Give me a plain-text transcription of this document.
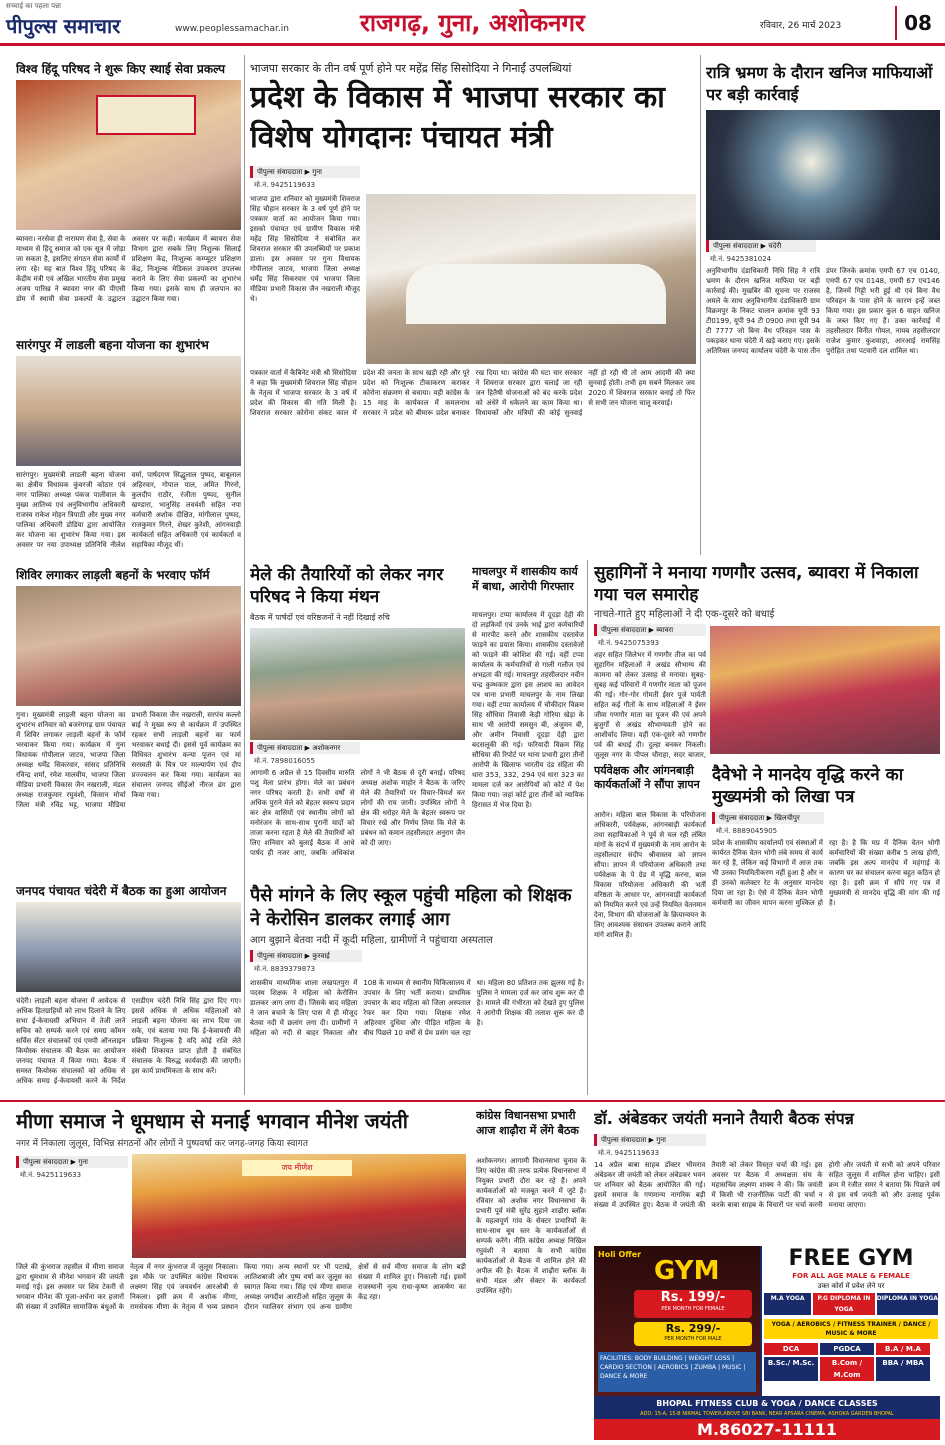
सच्चाई का पहला पन्ना
पीपुल्स समाचार	www.peoplessamachar.in	राजगढ़, गुना, अशोकनगर	रविवार, 26 मार्च 2023	08
विश्व हिंदू परिषद ने शुरू किए स्थाई सेवा प्रकल्प
ब्यावरा। नरसेवा ही नारायण सेवा है, सेवा के माध्यम से हिंदू समाज को एक सूत्र में जोड़ा जा सकता है, इसलिए संगठन सेवा कार्यों में लगा रहे। यह बात विश्व हिंदू परिषद के केंद्रीय मंत्री एवं अखिल भारतीय सेवा प्रमुख अजय पारिख ने ब्यावरा नगर की पीएसी डोम में स्थायी सेवा प्रकल्पों के उद्घाटन अवसर पर कही। कार्यक्रम में ब्यावरा सेवा विभाग द्वारा सबके लिए निशुल्क सिलाई प्रशिक्षण केंद्र, निःशुल्क कम्प्यूटर प्रशिक्षण केंद्र, निःशुल्क मेडिकल उपकरण उपलब्ध कराने के लिए सेवा प्रकल्पों का शुभारंभ किया गया। इसके साथ ही जलपान का उद्घाटन किया गया।
सारंगपुर में लाडली बहना योजना का शुभारंभ
सारंगपुर। मुख्यमंत्री लाडली बहना योजना का क्षेत्रीय विधायक कुंवरजी कोठार एवं नगर पालिका अध्यक्ष पंकज पालीवाल के मुख्य आतिथ्य एवं अनुविभागीय अधिकारी राजस्व राकेश मोहन त्रिपाठी और मुख्य नगर पालिका अधिकारी डोडिया द्वारा आयोजित कर योजना का शुभारंभ किया गया। इस अवसर पर नया उपाध्यक्ष प्रतिनिधि नीलेश वर्मा, पार्षदगण सिद्धुलाल पुष्पद, बाबूलाल अहिरवार, गोपाल पाल, अमित गिरनो, कुलदीप राठौर, रंजीता पुष्पद, सुनील खण्डारा, भानुसिंह लववंशी सहित नपा कर्मचारी अशोक दीक्षित, मांगीलाल पुष्पद, राजकुमार गिरने, शेखर कुरेशी, आंगनवाड़ी कार्यकर्ता सहित अधिकारी एवं कार्यकर्ता व सहायिका मौजूद थीं।
शिविर लगाकर लाड़ली बहनों के भरवाए फॉर्म
गुना। मुख्यमंत्री लाड़ली बहना योजना का शुभारंभ शनिवार को बजरंगगढ़ ग्राम पंचायत में शिविर लगाकर लाड़ली बहनों के फॉर्म भरवाकर किया गया। कार्यक्रम में गुना विधायक गोपीलाल जाटव, भाजपा जिला अध्यक्ष धर्मेंद्र सिकरवार, सांसद प्रतिनिधि रविन्द्र शर्मा, रमेश मालवीय, भाजपा जिला मीडिया प्रभारी विकास जैन नखराली, मंडल अध्यक्ष राजकुमार रघुवंशी, किसान मोर्चा जिला मंत्री रविंद्र भट्ट, भाजपा मीडिया प्रभारी विकास जैन नखराली, सरपंच कल्लो बाई ने मुख्य रूप से कार्यक्रम में उपस्थित रहकर सभी लाड़ली बहनों का फार्म भरवाकर बधाई दी। इससे पूर्व कार्यक्रम का विधिवत शुभारंभ कन्या पूजन एवं मां सरस्वती के चित्र पर माल्यार्पण एवं दीप प्रज्ज्वलन कर किया गया। कार्यक्रम का संचालन जनपद सीईओ नीरज ढंग द्वारा किया गया।
जनपद पंचायत चंदेरी में बैठक का हुआ आयोजन
चंदेरी। लाड़ली बहना योजना में आवेदक से अधिक हितग्राहियों को लाभ दिलाने के लिए सभा ई-केवायसी अभियान में तेजी लाने सचिव को सम्पर्क करने एवं समग्र कॉमन सर्विस सेंटर संचालकों एवं एमपी ऑनलाइन कियोस्क संचालक की बैठक का आयोजन जनपद पंचायत में किया गया। बैठक में समस्त कियोस्क संचालकों को अधिक से अधिक समग्र ई-केवायसी करने के निर्देश एसडीएम चंदेरी निधि सिंह द्वारा दिए गए। इससे अधिक से अधिक महिलाओं को लाड़ली बहना योजना का लाभ दिया जा सके, एवं बताया गया कि ई-केवायसी की प्रक्रिया निःशुल्क है यदि कोई राशि लेते संबंधी शिकायत प्राप्त होती है संबंधित संचालक के विरुद्ध कार्यवाही की जाएगी। इस कार्य प्राथमिकता के साथ करें।
भाजपा सरकार के तीन वर्ष पूर्ण होने पर महेंद्र सिंह सिसोदिया ने गिनाईं उपलब्धियां
प्रदेश के विकास में भाजपा सरकार का विशेष योगदानः पंचायत मंत्री
पीपुल्स संवाददाता ▶ गुना
मो.नं. 9425119633
भाजपा द्वारा शनिवार को मुख्यमंत्री शिवराज सिंह चौहान सरकार के 3 वर्ष पूर्ण होने पर पत्रकार वार्ता का आयोजन किया गया। इसको पंचायत एवं ग्रामीण विकास मंत्री महेंद्र सिंह सिसोदिया ने संबोधित कर शिवराज सरकार की उपलब्धियों पर प्रकाश डाला। इस अवसर पर गुना विधायक गोपीलाल जाटव, भाजपा जिला अध्यक्ष धर्मेंद्र सिंह सिकरवार एवं भाजपा जिला मीडिया प्रभारी विकास जैन नखराली मौजूद थे।
पत्रकार वार्ता में कैबिनेट मंत्री श्री सिसोदिया ने कहा कि मुख्यमंत्री शिवराज सिंह चौहान के नेतृत्व में भाजपा सरकार के 3 वर्ष में प्रदेश की विकास की गति मिली है। शिवराज सरकार कोरोना संकट काल में प्रदेश की जनता के साथ खड़ी रही और पूरे प्रदेश को निःशुल्क टीकाकरण कराकर कोरोना संक्रमण से बचाया। यही कांग्रेस के 15 माह के कार्यकाल में कमलनाथ सरकार ने प्रदेश को बीमारू प्रदेश बनाकर रख दिया था। कांग्रेस की घटा चार सरकार ने शिवराज सरकार द्वारा चलाई जा रही जन हितैषी योजनाओं को बंद करके प्रदेश को अंधेरे में धकेलने का काम किया था। विधायकों और मंत्रियों की कोई सुनवाई नहीं हो रही थी तो आम आदमी की क्या सुनवाई होती। तभी हम सबने मिलकर जय 2020 में शिवराज सरकार बनाई तो फिर से सभी जन योजना चालू करवाई।
रात्रि भ्रमण के दौरान खनिज माफियाओं पर बड़ी कार्रवाई
पीपुल्स संवाददाता ▶ चंदेरी
मो.नं. 9425381024
अनुविभागीय दंडाधिकारी निधि सिंह ने रात्रि भ्रमण के दौरान खनिज माफिया पर बड़ी कार्रवाई की। मुखबिर की सूचना पर राजस्व अमले के साथ अनुविभागीय दंडाधिकारी ग्राम विक्रमपुर के निकट चालान क्रमांक यूपी 93 टी0199, यूपी 94 टी 0900 तथा यूपी 94 टी 7777 जो बिना वैध परिवहन पास के पकड़कर थाना चंदेरी में खड़े कराए गए। इसके अतिरिक्त जनपद कार्यालय चंदेरी के पास तीन डंपर जिनके क्रमांक एमपी 67 एच 0140, एमपी 67 एच 0148, एमपी 67 एच146 है, जिनमें गिट्टी भरी हुई थी एवं बिना वैध परिवहन के पास होने के कारण इन्हें जब्त किया गया। इस प्रकार कुल 6 वाहन खनिज के जब्त किए गए हैं। उक्त कार्रवाई में तहसीलदार विनीत गोयल, नायब तहसीलदार राजेश कुमार कुशवाहा, आरआई रामसिंह पुरोहित तथा पटवारी दल शामिल था।
मेले की तैयारियों को लेकर नगर परिषद ने किया मंथन
बैठक में पार्षदों एवं वरिष्ठजनों ने नहीं दिखाई रुचि
पीपुल्स संवाददाता ▶ अशोकनगर
मो.नं. 7898016055
आगामी 6 अप्रैल से 15 दिवसीय मारुति पशु मेला प्रारंभ होगा। मेले का प्रबंधन नगर परिषद करती है। सभी वर्षों से अधिक पुराने मेले को बेहतर स्वरूप प्रदान कर क्षेत्र वासियों एवं स्थानीय लोगों को मनोरंजन के साथ-साथ पुरानी यादों को ताजा करना रहता है मेले की तैयारियों को लिए शनिवार को बुलाई बैठक में आधे पार्षद ही नजर आए, जबकि अधिकांश लोगों ने भी बैठक से दूरी बनाई। परिषद अध्यक्ष अशोक माहोर ने बैठक के जरिए मेले की तैयारियों पर विचार-विमर्श कर लोगों की राय जानी। उपस्थित लोगों ने क्षेत्र की धरोहर मेले के बेहतर स्वरूप पर विचार रखे और निर्णय लिया कि मेले के प्रबंधन को कमान तहसीलदार अनुराग जैन को दी जाए।
माचलपुर में शासकीय कार्य में बाधा, आरोपी गिरफ्तार
माचलपुर। टप्पा कार्यालय में दूदड़ा देही की दो लड़कियों एवं उनके भाई द्वारा कर्मचारियों से मारपीट करने और शासकीय दस्तावेज फाड़ने का प्रयास किया। शासकीय दस्तावेजों को फाड़ने की कोशिश की गई। वहीं टप्पा कार्यालय के कर्मचारियों से गाली गलौज एवं अभद्रता की गई। माचलपुर तहसीलदार नवीन चन्द्र कुम्भकार द्वारा इस आशय का आवेदन पत्र थाना प्रभारी माचलपुर के नाम लिखा गया। वहीं टप्पा कार्यालय में चौकीदार विक्रम सिंह सौंधिया निवासी केड़ी गोरिया खेड़ा के साथ भी आरोपी समसुन बी, अंजुमन बी, और अमीन निवासी दूदड़ा देही द्वारा बदसलूकी की गई। फरियादी विक्रम सिंह सौंधिया की रिपोर्ट पर थाना प्रभारी द्वारा तीनों आरोपी के खिलाफ भारतीय दंड संहिता की धारा 353, 332, 294 एवं धारा 323 का मामला दर्ज कर आरोपियों को कोर्ट में पेश किया गया। जहां कोर्ट द्वारा तीनों को न्यायिक हिरासत में भेज दिया है।
सुहागिनों ने मनाया गणगौर उत्सव, ब्यावरा में निकाला गया चल समारोह
नाचते-गाते हुए महिलाओं ने दी एक-दूसरे को बधाई
पीपुल्स संवाददाता ▶ ब्यावरा
मो.नं. 9425075393
शहर सहित जिलेभर में गणगौर तीज का पर्व सुहागिन महिलाओं ने अखंड सौभाग्य की कामना को लेकर उत्साह से मनाया। सुबह-सुबह कई परिवारों में गणगौर माता को पूजन की गई। गोर-गोर गोमती ईसर पूजे पार्वती सहित कई गीतों के साथ महिलाओं ने ईसर जीवा गणगौर माता का पूजन की एवं अपने बुजुर्गों से अखंड सौभाग्यवती होने का आशीर्वाद लिया। वहीं एक-दूसरे को गणगौर पर्व की बधाई दी। दुल्हा बनकर निकली। जुलूस नगर के पीपल चौराहा, सदर बाजार,
पैसे मांगने के लिए स्कूल पहुंची महिला को शिक्षक ने केरोसिन डालकर लगाई आग
आग बुझाने बेतवा नदी में कूदी महिला, ग्रामीणों ने पहुंचाया अस्पताल
पीपुल्स संवाददाता ▶ कुरवाई
मो.नं. 8839379873
शासकीय माध्यमिक शाला लखपतपुरा में पदस्थ शिक्षक ने महिला को केरोसिन डालकर आग लगा दी। जिसके बाद महिला ने जान बचाने के लिए पास में ही मौजूद बेतवा नदी में छलांग लगा दी। ग्रामीणों ने महिला को नदी से बाहर निकाला और 108 के माध्यम से स्थानीय चिकित्सालय में उपचार के लिए भर्ती कराया। प्राथमिक उपचार के बाद महिला को जिला अस्पताल रेफर कर दिया गया। शिक्षक रमेश अहिरवार दुधिया और पीड़ित महिला के बीच पिछले 10 वर्षों से प्रेम प्रसंग चल रहा था। महिला 80 प्रतिशत तक झुलस गई है। पुलिस ने मामला दर्ज कर जांच शुरू कर दी है। मामले की गंभीरता को देखते हुए पुलिस ने आरोपी शिक्षक की तलाश शुरू कर दी है।
पर्यवेक्षक और आंगनबाड़ी कार्यकर्ताओं ने सौंपा ज्ञापन
आरोन। महिला बाल विकास के परियोजना अधिकारी, पर्यवेक्षक, आंगनबाड़ी कार्यकर्ता तथा सहायिकाओं ने पूर्व से चल रही लंबित मांगों के संदर्भ में मुख्यमंत्री के नाम आरोन के तहसीलदार संदीप श्रीवास्तव को ज्ञापन सौंपा। ज्ञापन में परियोजना अधिकारी तथा पर्यवेक्षक के पे ग्रेड में वृद्धि करना, बाल विकास परियोजना अधिकारी की भर्ती वरिष्ठता के आधार पर, आंगनवाड़ी कार्यकर्ता को नियमित करने एवं उन्हें नियमित वेतनमान देना, विभाग की योजनाओं के क्रियान्वयन के लिए आवश्यक संसाधन उपलब्ध कराने आदि मांगे शामिल हैं।
दैवेभो ने मानदेय वृद्धि करने का मुख्यमंत्री को लिखा पत्र
पीपुल्स संवाददाता ▶ खिलचीपुर
मो.नं. 8889045905
प्रदेश के शासकीय कार्यालयों एवं संस्थाओं में कार्यरत दैनिक वेतन भोगी लंबे समय से कार्य कर रहे हैं, लेकिन कई विभागों में आज तक भी उनका नियमितीकरण नहीं हुआ है और न ही उनको कलेक्टर रेट के अनुसार मानदेय दिया जा रहा है। ऐसे में दैनिक वेतन भोगी कर्मचारी का जीवन यापन करना मुश्किल हो रहा है। है कि मप्र में दैनिक वेतन भोगी कर्मचारियों की संख्या करीब 5 लाख होगी, जबकि इस अल्प मानदेय में महंगाई के कारण घर का संचालन करना बहुत कठिन हो रहा है। इसी क्रम में सौंपे गए पत्र में मुख्यमंत्री से मानदेय वृद्धि की मांग की गई है।
मीणा समाज ने धूमधाम से मनाई भगवान मीनेश जयंती
नगर में निकाला जुलूस, विभिन्न संगठनों और लोगों ने पुष्पवर्षा कर जगह-जगह किया स्वागत
पीपुल्स संवाददाता ▶ गुना
मो.नं. 9425119633
जय मीणेश
जिले की कुंभराज तहसील में मीणा समाज द्वारा धूमधाम से मीनेश भगवान की जयंती मनाई गई। इस अवसर पर शिव टेकरी से भगवान मीनेश की पूजा-अर्चना कर हजारों की संख्या में उपस्थित सामाजिक बंधुओं के नेतृत्व में नगर कुंभराज में जुलूस निकाला। इस मौके पर उपस्थित कांग्रेस विधायक लक्ष्मण सिंह एवं जयवर्धन आरओबी से निकला। इसी क्रम में अशोक मीणा, रामसेवक मीणा के नेतृत्व में भव्य प्रस्थान किया गया। अन्य स्थानों पर भी पटाखे, आतिशबाजी और पुष्प वर्षा कर जुलूस का स्वागत किया गया। सिंह एवं मीणा समाज अध्यक्ष जगदीश आरटीओ सहित जुलूस के दौरान ग्वालियर संभाग एवं अन्य ग्रामीण क्षेत्रों से सर्व मीणा समाज के लोग बड़ी संख्या में शामिल हुए। निकाली गई। इसमें राजस्थानी नृत्य राधा-कृष्ण आकर्षण का केंद्र रहा।
कांग्रेस विधानसभा प्रभारी आज शाढ़ौरा में लेंगे बैठक
अशोकनगर। आगामी विधानसभा चुनाव के लिए कांग्रेस की तरफ प्रत्येक विधानसभा में नियुक्त प्रभारी दौरा कर रहे हैं। अपने कार्यकर्ताओं को मजबूत करने में जुटे हैं। रविवार को अशोक नगर विधानसभा के प्रभारी पूर्व मंत्री सुरेंद्र सुहाने शाढ़ौरा ब्लॉक के महत्वपूर्ण गांव के सेक्टर प्रभारियों के साथ-साथ बूथ स्तर के कार्यकर्ताओं से सम्पर्क करेंगे। नीति कांग्रेस अध्यक्ष निखिल रघुवंशी ने बताया के सभी कांग्रेस कार्यकर्ताओं से बैठक में शामिल होने की अपील की है। बैठक में शाढ़ौरा ब्लॉक के सभी मंडल और सेक्टर के कार्यकर्ता उपस्थित रहेंगे।
डॉ. अंबेडकर जयंती मनाने तैयारी बैठक संपन्न
पीपुल्स संवाददाता ▶ गुना
मो.नं. 9425119633
14 अप्रैल बाबा साहब डॉक्टर भीमराव अंबेडकर जी जयंती को लेकर अंबेडकर भवन पर शनिवार को बैठक आयोजित की गई। इसमें समाज के गणमान्य नागरिक बड़ी संख्या में उपस्थित हुए। बैठक में जयंती की तैयारी को लेकर विस्तृत चर्चा की गई। इस अवसर पर बैठक में अध्यक्षता संघ के महासचिव लक्ष्मण शाक्य ने की। कि जयंती में किसी भी राजनीतिक पार्टी की चर्चा न करके बाबा साहब के विचारों पर चर्चा करनी होगी और जयंती में सभी को अपने परिवार सहित जुलूस में शामिल होना चाहिए। इसी क्रम में रंजीत समर ने बताया कि पिछले वर्ष से इस वर्ष जयंती को और उत्साह पूर्वक मनाया जाएगा।
Holi Offer
GYM
Rs. 199/-
PER MONTH FOR FEMALE
Rs. 299/-
PER MONTH FOR MALE
FACILITIES: BODY BUILDING | WEIGHT LOSS | CARDIO SECTION | AEROBICS | ZUMBA | MUSIC | DANCE & MORE
FREE GYM
FOR ALL AGE MALE & FEMALE
उक्त कोर्स में प्रवेश लेने पर
M.A YOGA	P.G DIPLOMA IN YOGA
DIPLOMA IN YOGA
YOGA / AEROBICS / FITNESS TRAINER / DANCE / MUSIC & MORE
DCA	PGDCA	B.A / M.A
B.Sc./ M.Sc.	B.Com / M.Com
BBA / MBA
BHOPAL FITNESS CLUB & YOGA / DANCE CLASSES
ADD: 15-A, 15-B NIRMAL TOWER,ABOVE SBI BANK, NEAR APSARA CINEMA, ASHOKA GARDEN BHOPAL
M.86027-11111
